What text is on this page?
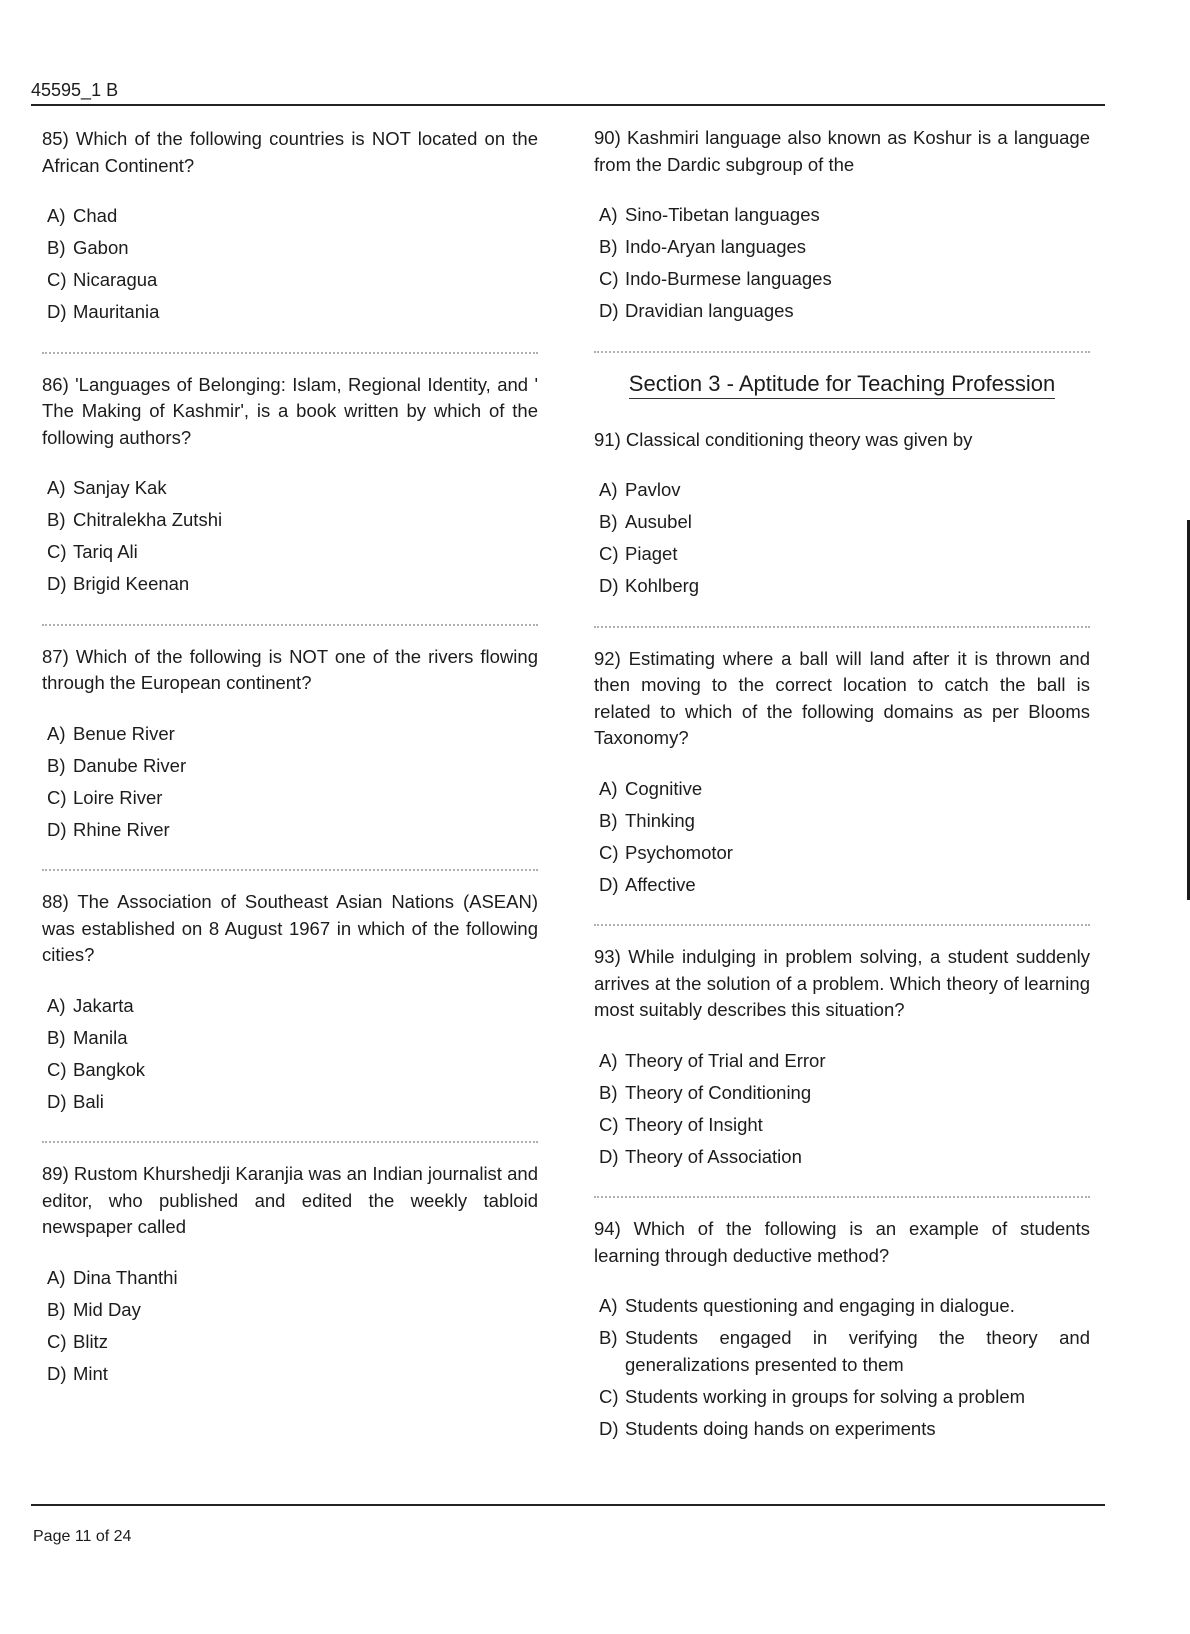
45595_1 B
85) Which of the following countries is NOT located on the African Continent?
A) Chad
B) Gabon
C) Nicaragua
D) Mauritania
86) 'Languages of Belonging: Islam, Regional Identity, and ' The Making of Kashmir', is a book written by which of the following authors?
A) Sanjay Kak
B) Chitralekha Zutshi
C) Tariq Ali
D) Brigid Keenan
87) Which of the following is NOT one of the rivers flowing through the European continent?
A) Benue River
B) Danube River
C) Loire River
D) Rhine River
88) The Association of Southeast Asian Nations (ASEAN) was established on 8 August 1967 in which of the following cities?
A) Jakarta
B) Manila
C) Bangkok
D) Bali
89) Rustom Khurshedji Karanjia was an Indian journalist and editor, who published and edited the weekly tabloid newspaper called
A) Dina Thanthi
B) Mid Day
C) Blitz
D) Mint
90) Kashmiri language also known as Koshur is a language from the Dardic subgroup of the
A) Sino-Tibetan languages
B) Indo-Aryan languages
C) Indo-Burmese languages
D) Dravidian languages
Section 3 - Aptitude for Teaching Profession
91) Classical conditioning theory was given by
A) Pavlov
B) Ausubel
C) Piaget
D) Kohlberg
92) Estimating where a ball will land after it is thrown and then moving to the correct location to catch the ball is related to which of the following domains as per Blooms Taxonomy?
A) Cognitive
B) Thinking
C) Psychomotor
D) Affective
93) While indulging in problem solving, a student suddenly arrives at the solution of a problem. Which theory of learning most suitably describes this situation?
A) Theory of Trial and Error
B) Theory of Conditioning
C) Theory of Insight
D) Theory of Association
94) Which of the following is an example of students learning through deductive method?
A) Students questioning and engaging in dialogue.
B) Students engaged in verifying the theory and generalizations presented to them
C) Students working in groups for solving a problem
D) Students doing hands on experiments
Page 11 of 24
